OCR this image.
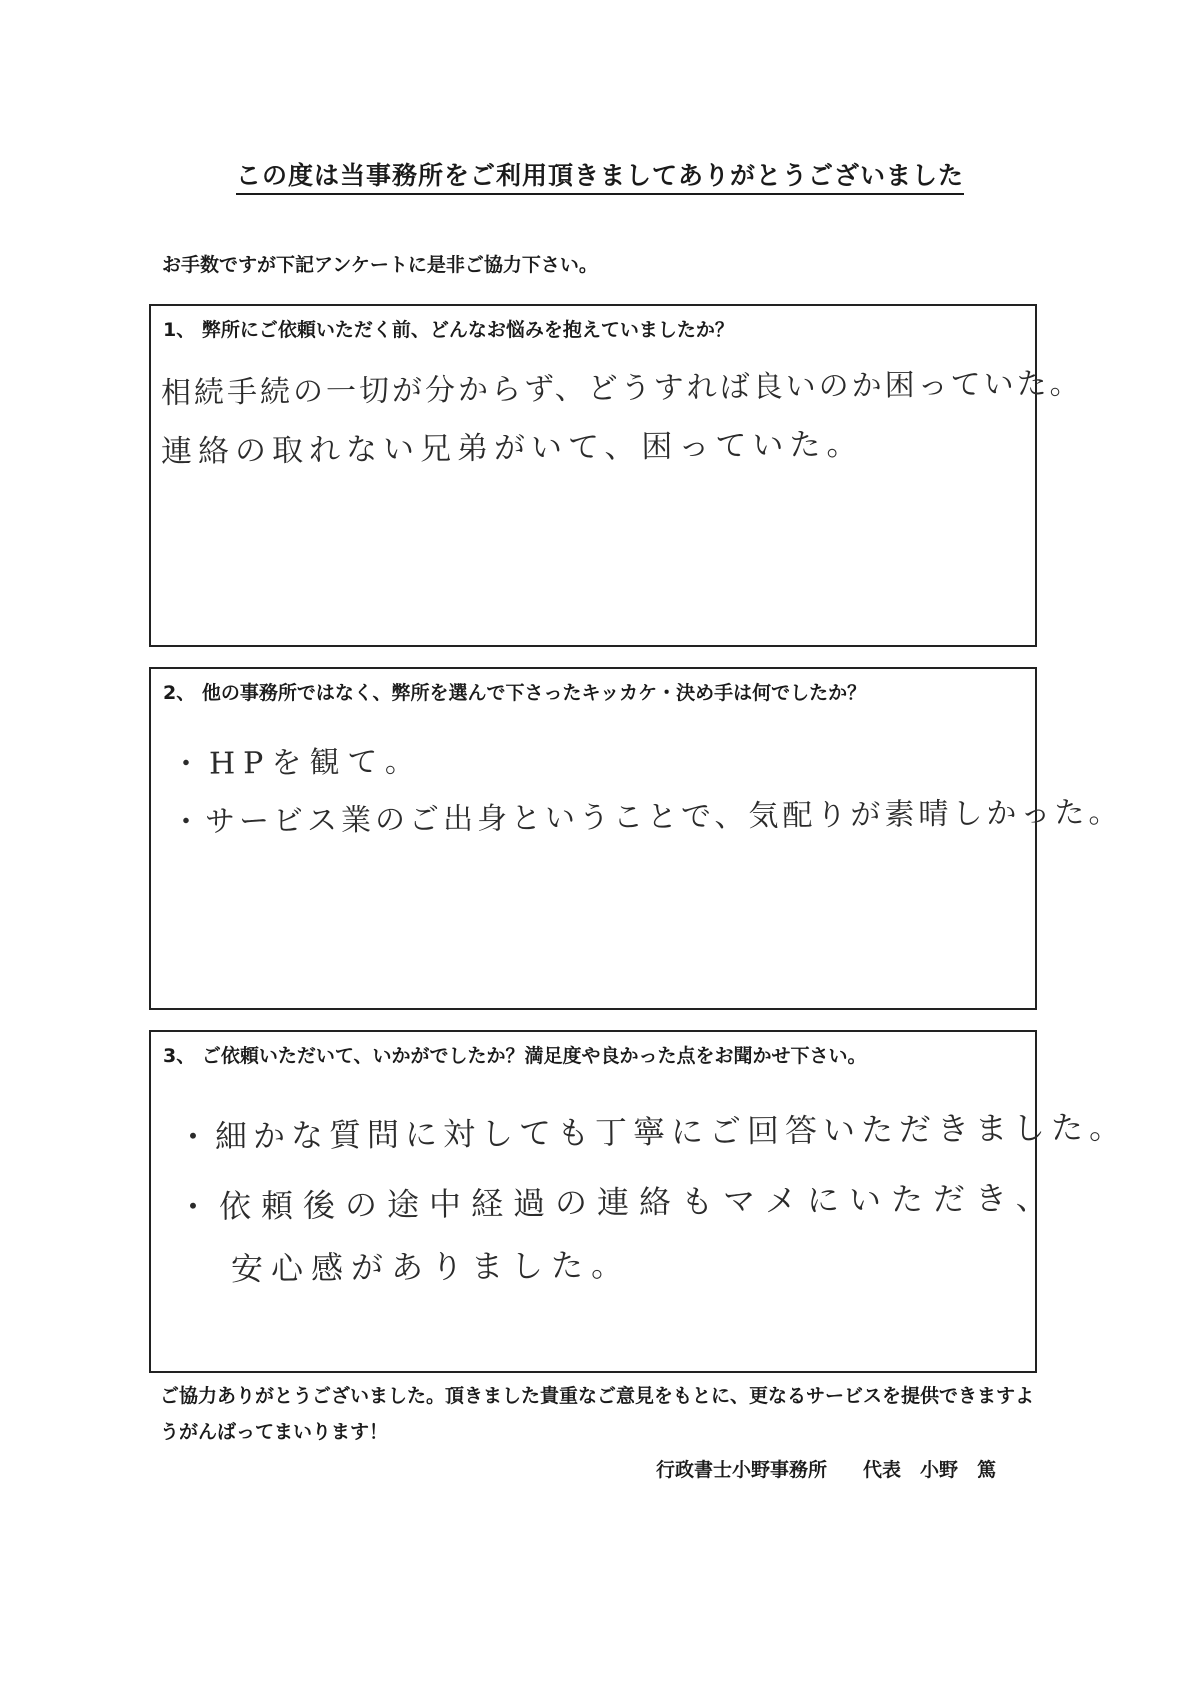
この度は当事務所をご利用頂きましてありがとうございました
お手数ですが下記アンケートに是非ご協力下さい。
1、 弊所にご依頼いただく前、どんなお悩みを抱えていましたか？
相続手続の一切が分からず、どうすれば良いのか困っていた。
連絡の取れない兄弟がいて、困っていた。
2、 他の事務所ではなく、弊所を選んで下さったキッカケ・決め手は何でしたか？
・HPを観て。
・サービス業のご出身ということで、気配りが素晴しかった。
3、 ご依頼いただいて、いかがでしたか？満足度や良かった点をお聞かせ下さい。
・細かな質問に対しても丁寧にご回答いただきました。
・依頼後の途中経過の連絡もマメにいただき、
安心感がありました。
ご協力ありがとうございました。頂きました貴重なご意見をもとに、更なるサービスを提供できますようがんばってまいります！
行政書士小野事務所 代表　小野　篤
